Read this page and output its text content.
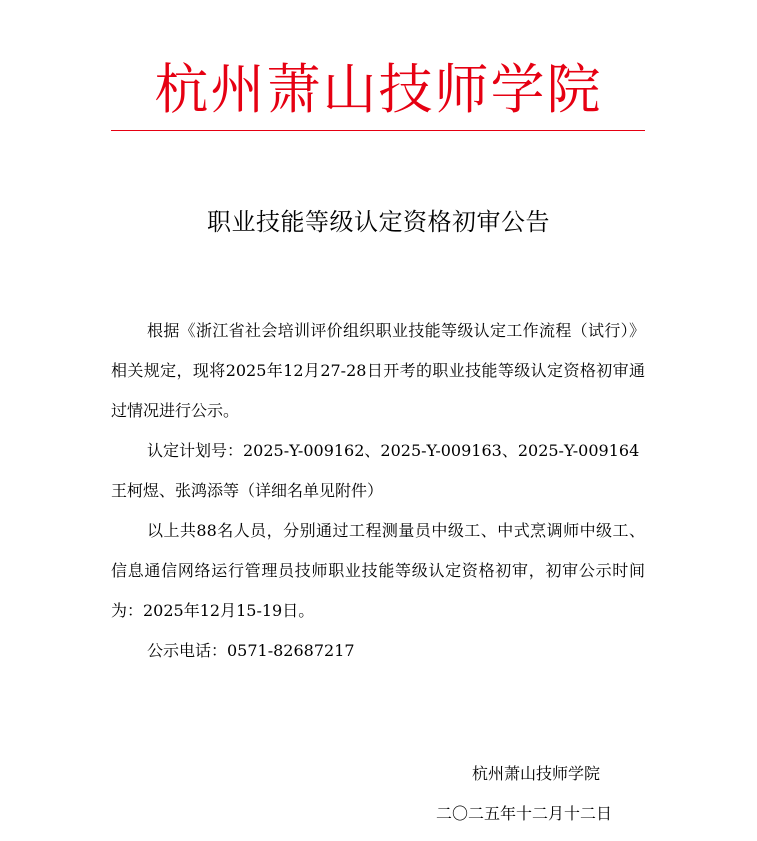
杭州萧山技师学院
职业技能等级认定资格初审公告

根据《浙江省社会培训评价组织职业技能等级认定工作流程（试行）》相关规定，现将2025年12月27-28日开考的职业技能等级认定资格初审通过情况进行公示。

认定计划号：2025-Y-009162、2025-Y-009163、2025-Y-009164

王柯煜、张鸿添等（详细名单见附件）

以上共88名人员，分别通过工程测量员中级工、中式烹调师中级工、信息通信网络运行管理员技师职业技能等级认定资格初审，初审公示时间为：2025年12月15-19日。

公示电话：0571-82687217

杭州萧山技师学院
二〇二五年十二月十二日
